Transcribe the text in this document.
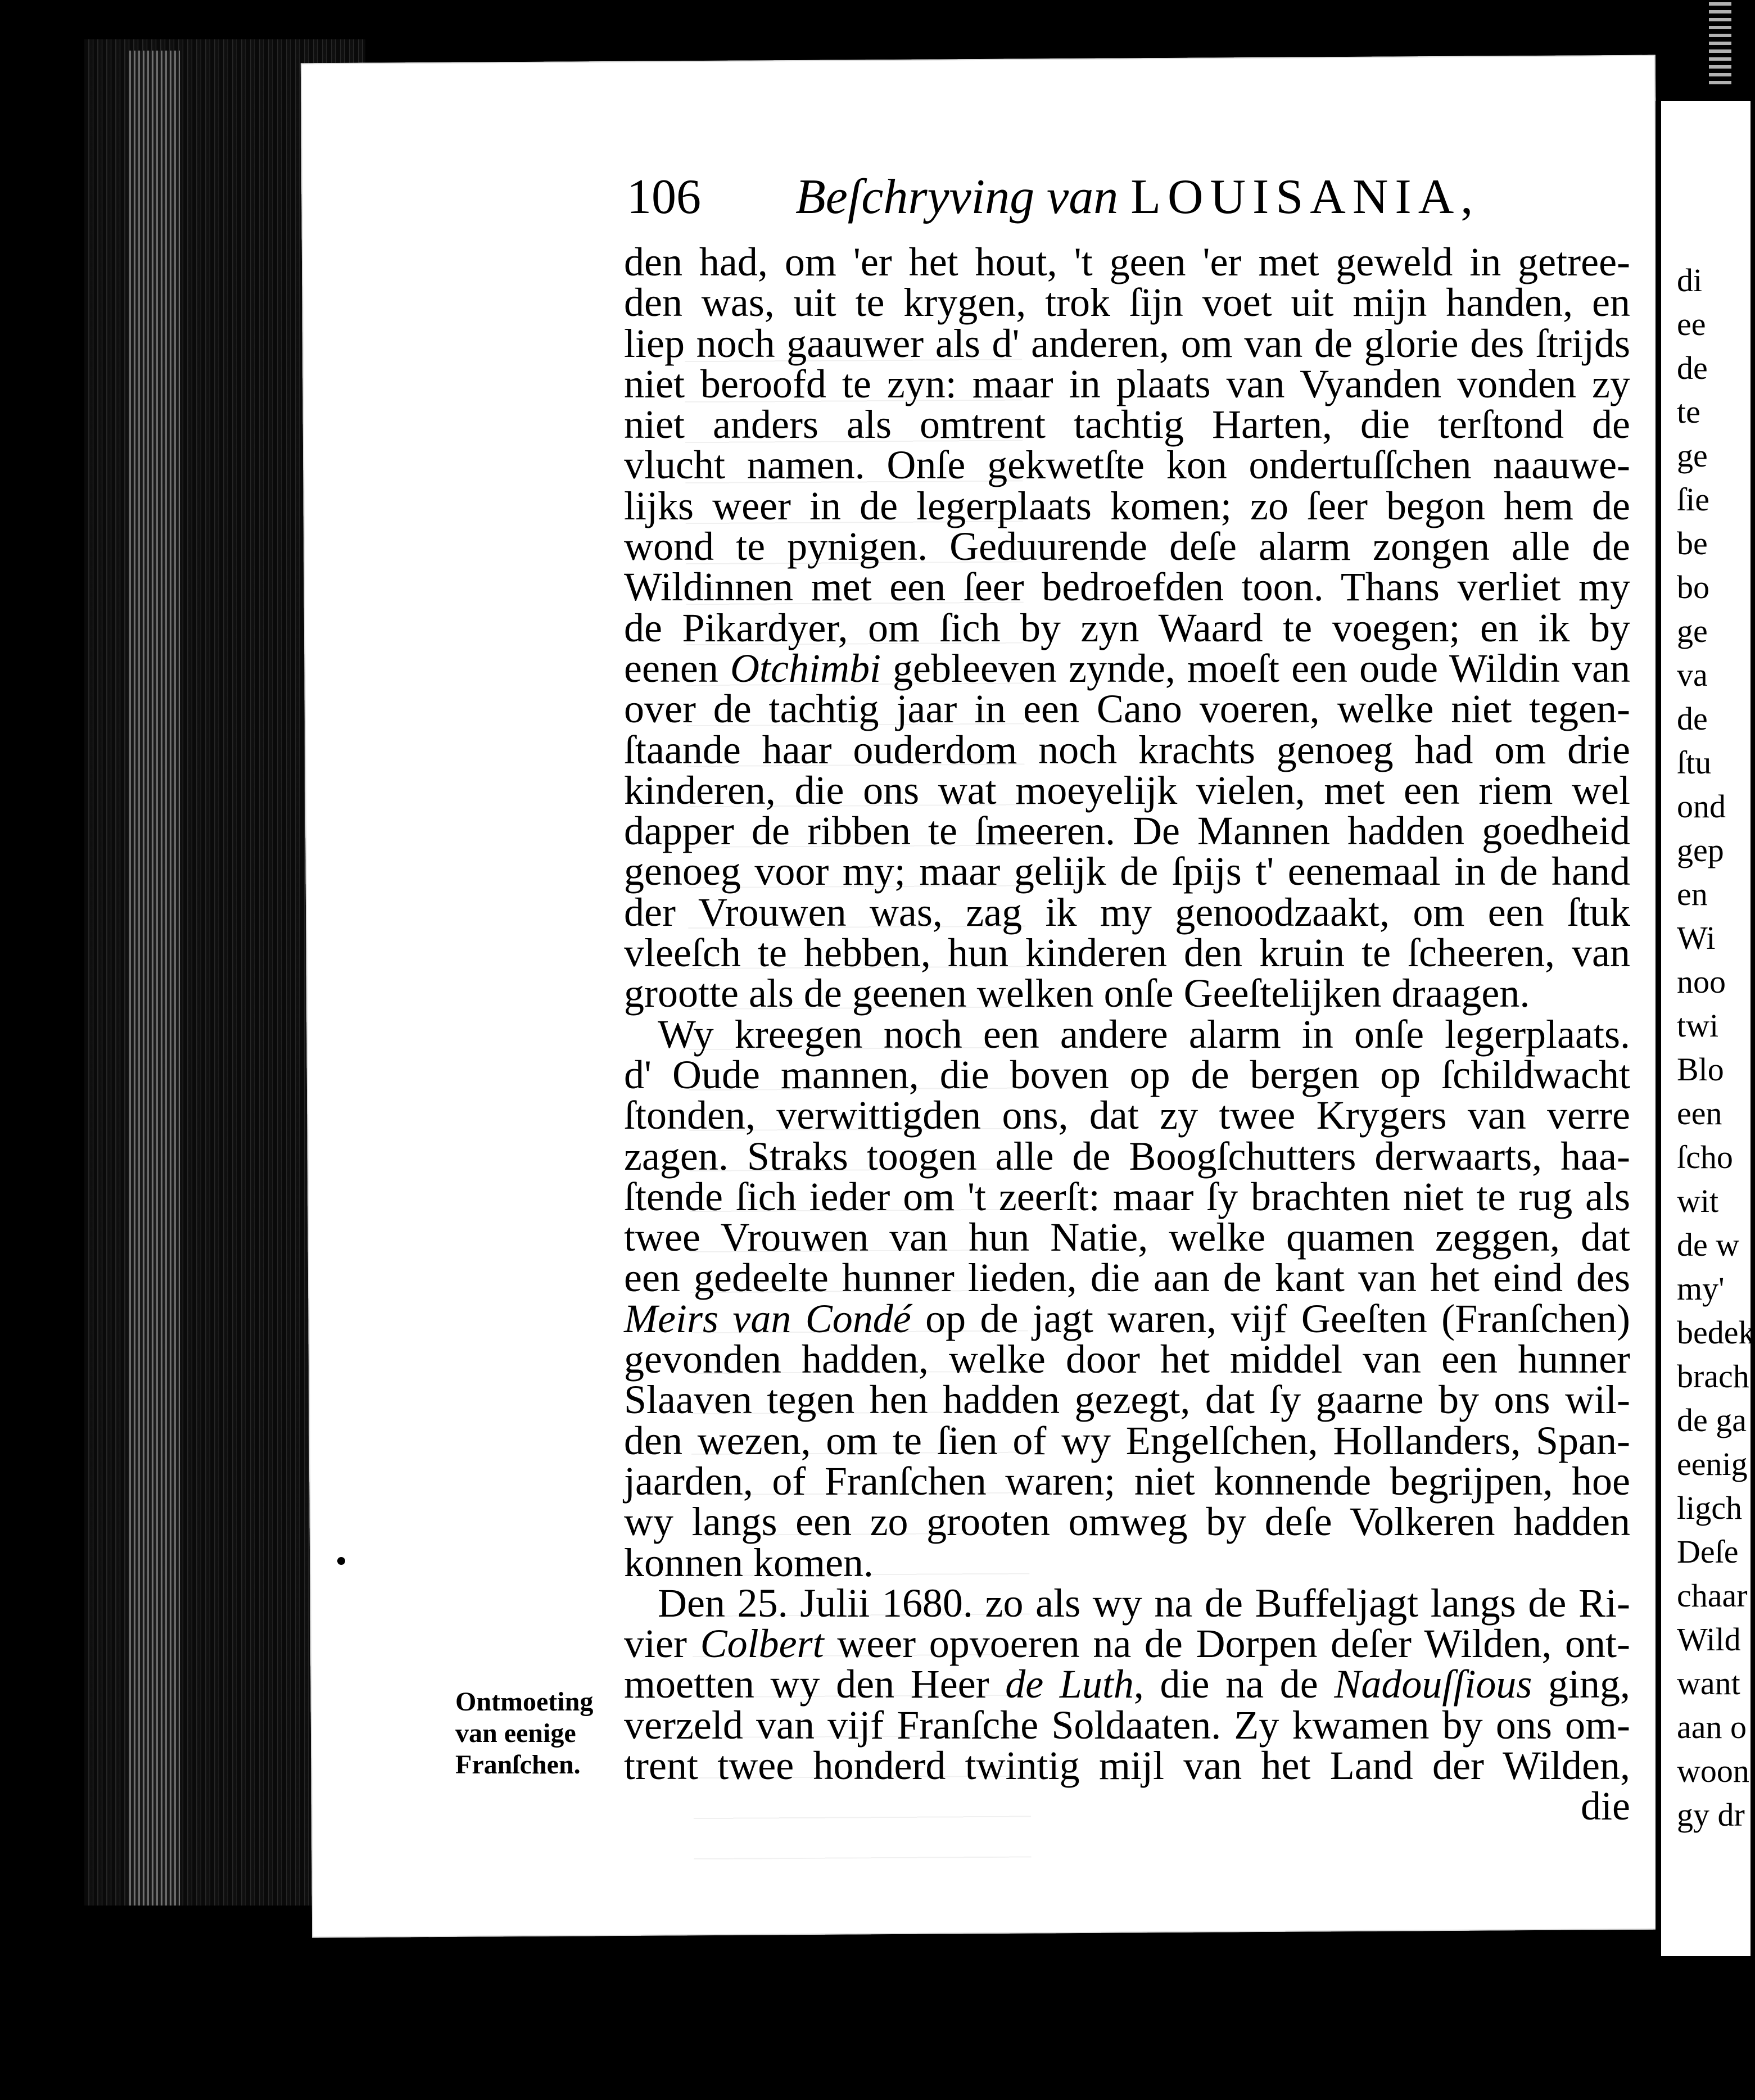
106 Beſchryving van LOUISANIA,
den had, om 'er het hout, 't geen 'er met geweld in getree-
den was, uit te krygen, trok ſijn voet uit mijn handen, en
liep noch gaauwer als d' anderen, om van de glorie des ſtrijds
niet beroofd te zyn: maar in plaats van Vyanden vonden zy
niet anders als omtrent tachtig Harten, die terſtond de
vlucht namen. Onſe gekwetſte kon ondertuſſchen naauwe-
lijks weer in de legerplaats komen; zo ſeer begon hem de
wond te pynigen. Geduurende deſe alarm zongen alle de
Wildinnen met een ſeer bedroefden toon. Thans verliet my
de Pikardyer, om ſich by zyn Waard te voegen; en ik by
eenen Otchimbi gebleeven zynde, moeſt een oude Wildin van
over de tachtig jaar in een Cano voeren, welke niet tegen-
ſtaande haar ouderdom noch krachts genoeg had om drie
kinderen, die ons wat moeyelijk vielen, met een riem wel
dapper de ribben te ſmeeren. De Mannen hadden goedheid
genoeg voor my; maar gelijk de ſpijs t' eenemaal in de hand
der Vrouwen was, zag ik my genoodzaakt, om een ſtuk
vleeſch te hebben, hun kinderen den kruin te ſcheeren, van
grootte als de geenen welken onſe Geeſtelijken draagen.
Wy kreegen noch een andere alarm in onſe legerplaats.
d' Oude mannen, die boven op de bergen op ſchildwacht
ſtonden, verwittigden ons, dat zy twee Krygers van verre
zagen. Straks toogen alle de Boogſchutters derwaarts, haa-
ſtende ſich ieder om 't zeerſt: maar ſy brachten niet te rug als
twee Vrouwen van hun Natie, welke quamen zeggen, dat
een gedeelte hunner lieden, die aan de kant van het eind des
Meirs van Condé op de jagt waren, vijf Geeſten (Franſchen)
gevonden hadden, welke door het middel van een hunner
Slaaven tegen hen hadden gezegt, dat ſy gaarne by ons wil-
den wezen, om te ſien of wy Engelſchen, Hollanders, Span-
jaarden, of Franſchen waren; niet konnende begrijpen, hoe
wy langs een zo grooten omweg by deſe Volkeren hadden
konnen komen.
Den 25. Julii 1680. zo als wy na de Buffeljagt langs de Ri-
vier Colbert weer opvoeren na de Dorpen deſer Wilden, ont-
moetten wy den Heer de Luth, die na de Nadouſſious ging,
verzeld van vijf Franſche Soldaaten. Zy kwamen by ons om-
trent twee honderd twintig mijl van het Land der Wilden,
die
Ontmoeting
van eenige
Franſchen.
di
ee
de
te
ge
ſie
be
bo
ge
va
de
ſtu
ond
gep
en
Wi
noo
twi
Blo
een
ſcho
wit
de w
my'
bedek
brach
de ga
eenig
ligch
Deſe
chaar
Wild
want
aan o
woon
gy dr
